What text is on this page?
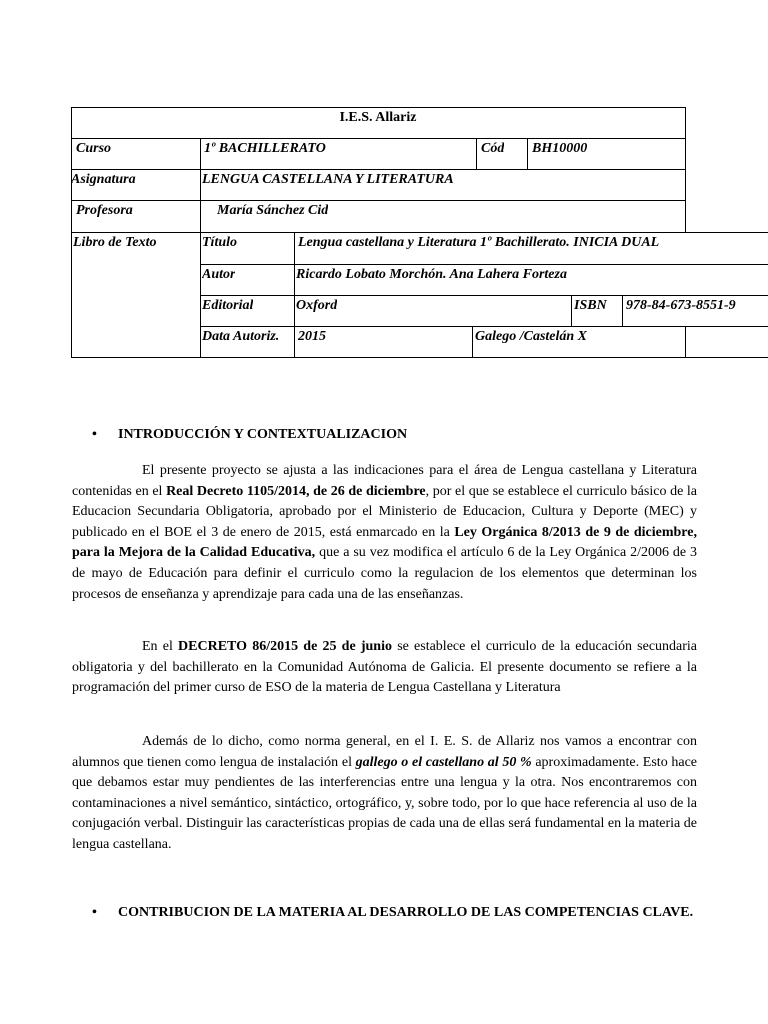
I.E.S. Allariz
Curso	1º BACHILLERATO	Cód BH10000
Asignatura	LENGUA CASTELLANA Y LITERATURA
Profesora	María Sánchez Cid
Libro de Texto	Título	Lengua castellana y Literatura 1º Bachillerato. INICIA DUAL
Autor	Ricardo Lobato Morchón. Ana Lahera Forteza
Editorial	Oxford	ISBN 978-84-673-8551-9
Data Autoriz. 2015	Galego /Castelán X
• INTRODUCCIÓN Y CONTEXTUALIZACION

El presente proyecto se ajusta a las indicaciones para el área de Lengua castellana y Literatura contenidas en el Real Decreto 1105/2014, de 26 de diciembre, por el que se establece el curriculo básico de la Educacion Secundaria Obligatoria, aprobado por el Ministerio de Educacion, Cultura y Deporte (MEC) y publicado en el BOE el 3 de enero de 2015, está enmarcado en la Ley Orgánica 8/2013 de 9 de diciembre, para la Mejora de la Calidad Educativa, que a su vez modifica el artículo 6 de la Ley Orgánica 2/2006 de 3 de mayo de Educación para definir el curriculo como la regulacion de los elementos que determinan los procesos de enseñanza y aprendizaje para cada una de las enseñanzas.

En el DECRETO 86/2015 de 25 de junio se establece el curriculo de la educación secundaria obligatoria y del bachillerato en la Comunidad Autónoma de Galicia. El presente documento se refiere a la programación del primer curso de ESO de la materia de Lengua Castellana y Literatura

Además de lo dicho, como norma general, en el I. E. S. de Allariz nos vamos a encontrar con alumnos que tienen como lengua de instalación el gallego o el castellano al 50 % aproximadamente. Esto hace que debamos estar muy pendientes de las interferencias entre una lengua y la otra. Nos encontraremos con contaminaciones a nivel semántico, sintáctico, ortográfico, y, sobre todo, por lo que hace referencia al uso de la conjugación verbal. Distinguir las características propias de cada una de ellas será fundamental en la materia de lengua castellana.

• CONTRIBUCION DE LA MATERIA AL DESARROLLO DE LAS COMPETENCIAS CLAVE.
